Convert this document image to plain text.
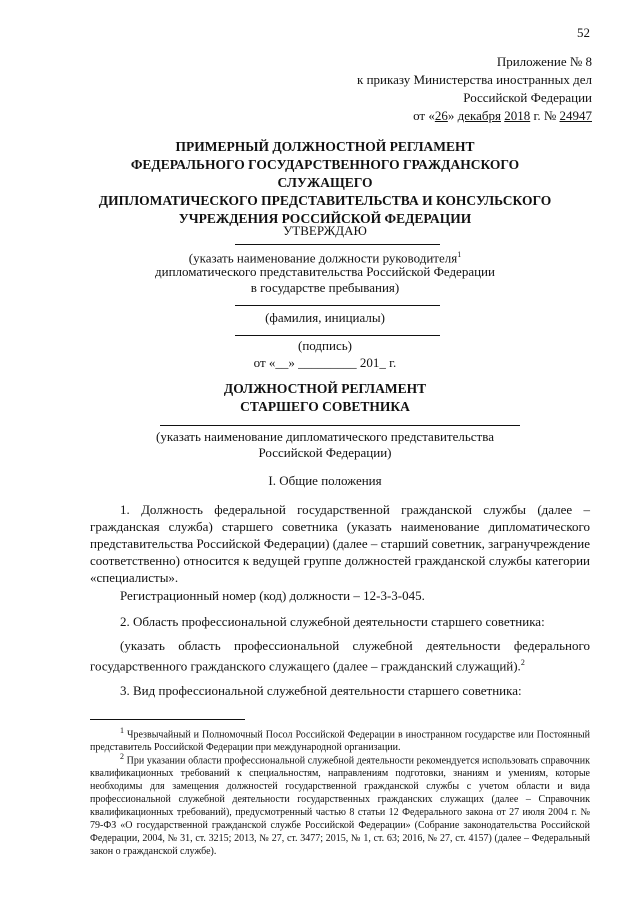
52
Приложение № 8
к приказу Министерства иностранных дел
Российской Федерации
от «26» декабря 2018 г. № 24947
ПРИМЕРНЫЙ ДОЛЖНОСТНОЙ РЕГЛАМЕНТ
ФЕДЕРАЛЬНОГО ГОСУДАРСТВЕННОГО ГРАЖДАНСКОГО СЛУЖАЩЕГО
ДИПЛОМАТИЧЕСКОГО ПРЕДСТАВИТЕЛЬСТВА И КОНСУЛЬСКОГО
УЧРЕЖДЕНИЯ РОССИЙСКОЙ ФЕДЕРАЦИИ
УТВЕРЖДАЮ
(указать наименование должности руководителя$^1$
дипломатического представительства Российской Федерации
в государстве пребывания)
(фамилия, инициалы)
(подпись)
от «__» _________ 201_ г.
ДОЛЖНОСТНОЙ РЕГЛАМЕНТ
СТАРШЕГО СОВЕТНИКА
(указать наименование дипломатического представительства
Российской Федерации)
I. Общие положения
1. Должность федеральной государственной гражданской службы (далее – гражданская служба) старшего советника (указать наименование дипломатического представительства Российской Федерации) (далее – старший советник, загранучреждение соответственно) относится к ведущей группе должностей гражданской службы категории «специалисты».
Регистрационный номер (код) должности – 12-3-3-045.
2. Область профессиональной служебной деятельности старшего советника:
(указать область профессиональной служебной деятельности федерального государственного гражданского служащего (далее – гражданский служащий).$^2$
3. Вид профессиональной служебной деятельности старшего советника:
$^1$ Чрезвычайный и Полномочный Посол Российской Федерации в иностранном государстве или Постоянный представитель Российской Федерации при международной организации.
$^2$ При указании области профессиональной служебной деятельности рекомендуется использовать справочник квалификационных требований к специальностям, направлениям подготовки, знаниям и умениям, которые необходимы для замещения должностей государственной гражданской службы с учетом области и вида профессиональной служебной деятельности государственных гражданских служащих (далее – Справочник квалификационных требований), предусмотренный частью 8 статьи 12 Федерального закона от 27 июля 2004 г. № 79-ФЗ «О государственной гражданской службе Российской Федерации» (Собрание законодательства Российской Федерации, 2004, № 31, ст. 3215; 2013, № 27, ст. 3477; 2015, № 1, ст. 63; 2016, № 27, ст. 4157) (далее – Федеральный закон о гражданской службе).
